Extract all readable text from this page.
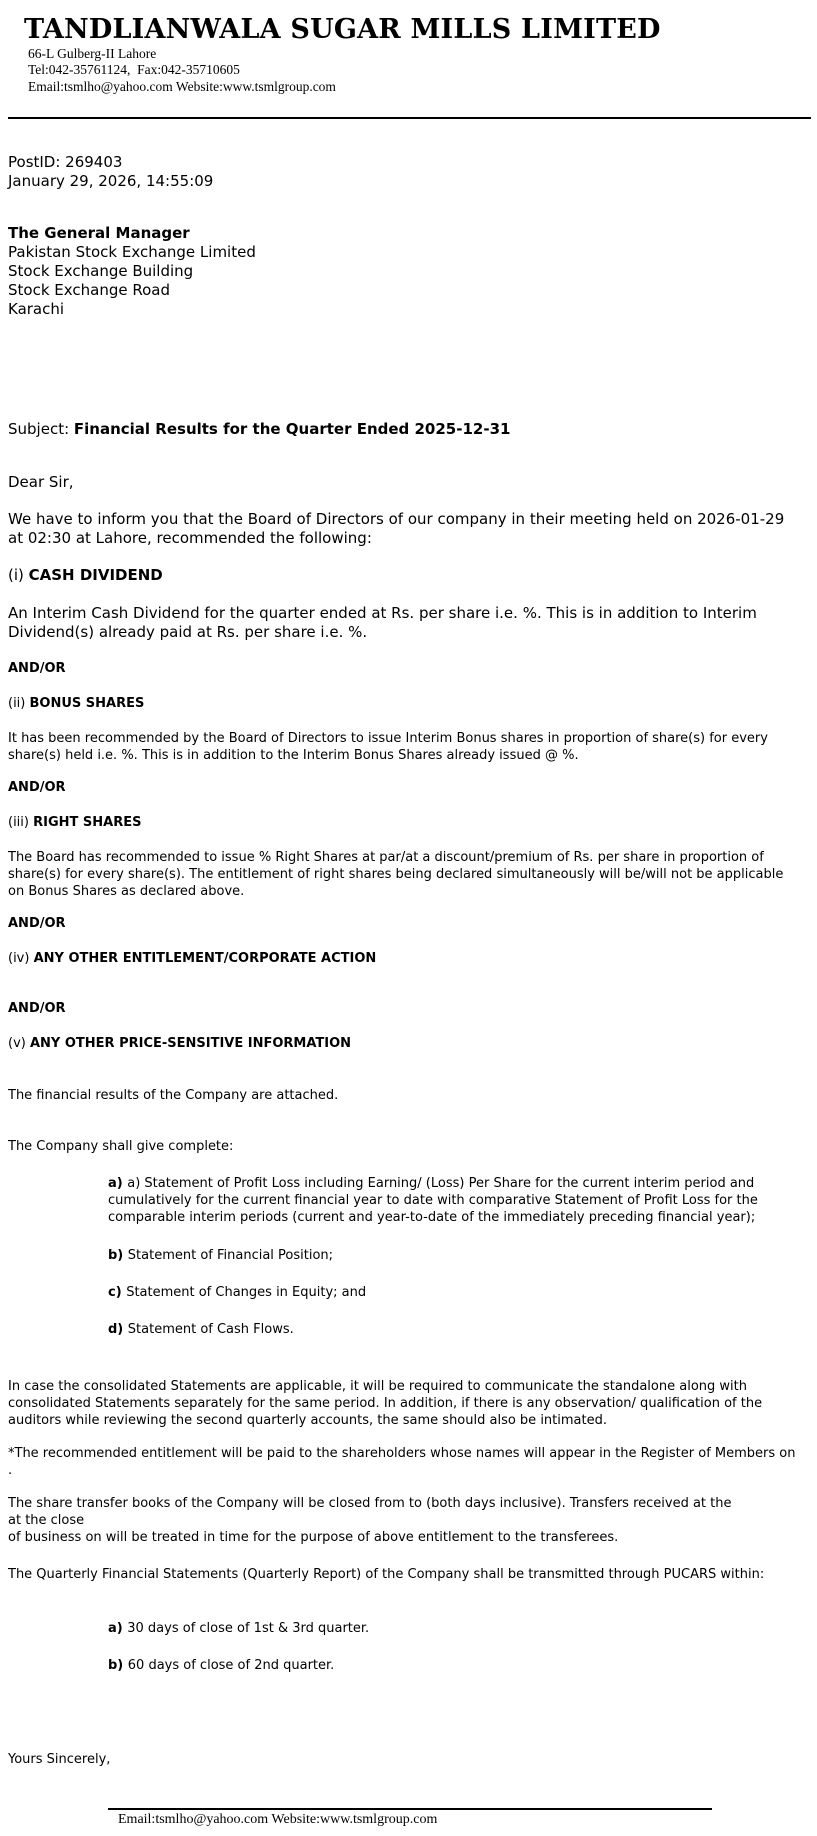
TANDLIANWALA SUGAR MILLS LIMITED
66-L Gulberg-II Lahore
Tel:042-35761124,  Fax:042-35710605
Email:tsmlho@yahoo.com Website:www.tsmlgroup.com
PostID: 269403
January 29, 2026, 14:55:09
The General Manager
Pakistan Stock Exchange Limited
Stock Exchange Building
Stock Exchange Road
Karachi
Subject: Financial Results for the Quarter Ended 2025-12-31
Dear Sir,
We have to inform you that the Board of Directors of our company in their meeting held on 2026-01-29 at 02:30 at Lahore, recommended the following:
(i) CASH DIVIDEND
An Interim Cash Dividend for the quarter ended at Rs. per share i.e. %. This is in addition to Interim Dividend(s) already paid at Rs. per share i.e. %.
AND/OR
(ii) BONUS SHARES
It has been recommended by the Board of Directors to issue Interim Bonus shares in proportion of share(s) for every share(s) held i.e. %. This is in addition to the Interim Bonus Shares already issued @ %.
AND/OR
(iii) RIGHT SHARES
The Board has recommended to issue % Right Shares at par/at a discount/premium of Rs. per share in proportion of share(s) for every share(s). The entitlement of right shares being declared simultaneously will be/will not be applicable on Bonus Shares as declared above.
AND/OR
(iv) ANY OTHER ENTITLEMENT/CORPORATE ACTION
AND/OR
(v) ANY OTHER PRICE-SENSITIVE INFORMATION
The financial results of the Company are attached.
The Company shall give complete:
a) a) Statement of Profit Loss including Earning/ (Loss) Per Share for the current interim period and cumulatively for the current financial year to date with comparative Statement of Profit Loss for the comparable interim periods (current and year-to-date of the immediately preceding financial year);
b) Statement of Financial Position;
c) Statement of Changes in Equity; and
d) Statement of Cash Flows.
In case the consolidated Statements are applicable, it will be required to communicate the standalone along with consolidated Statements separately for the same period. In addition, if there is any observation/ qualification of the auditors while reviewing the second quarterly accounts, the same should also be intimated.
*The recommended entitlement will be paid to the shareholders whose names will appear in the Register of Members on .
The share transfer books of the Company will be closed from to (both days inclusive). Transfers received at the
at the close
of business on will be treated in time for the purpose of above entitlement to the transferees.
The Quarterly Financial Statements (Quarterly Report) of the Company shall be transmitted through PUCARS within:
a) 30 days of close of 1st & 3rd quarter.
b) 60 days of close of 2nd quarter.
Yours Sincerely,
Email:tsmlho@yahoo.com Website:www.tsmlgroup.com
